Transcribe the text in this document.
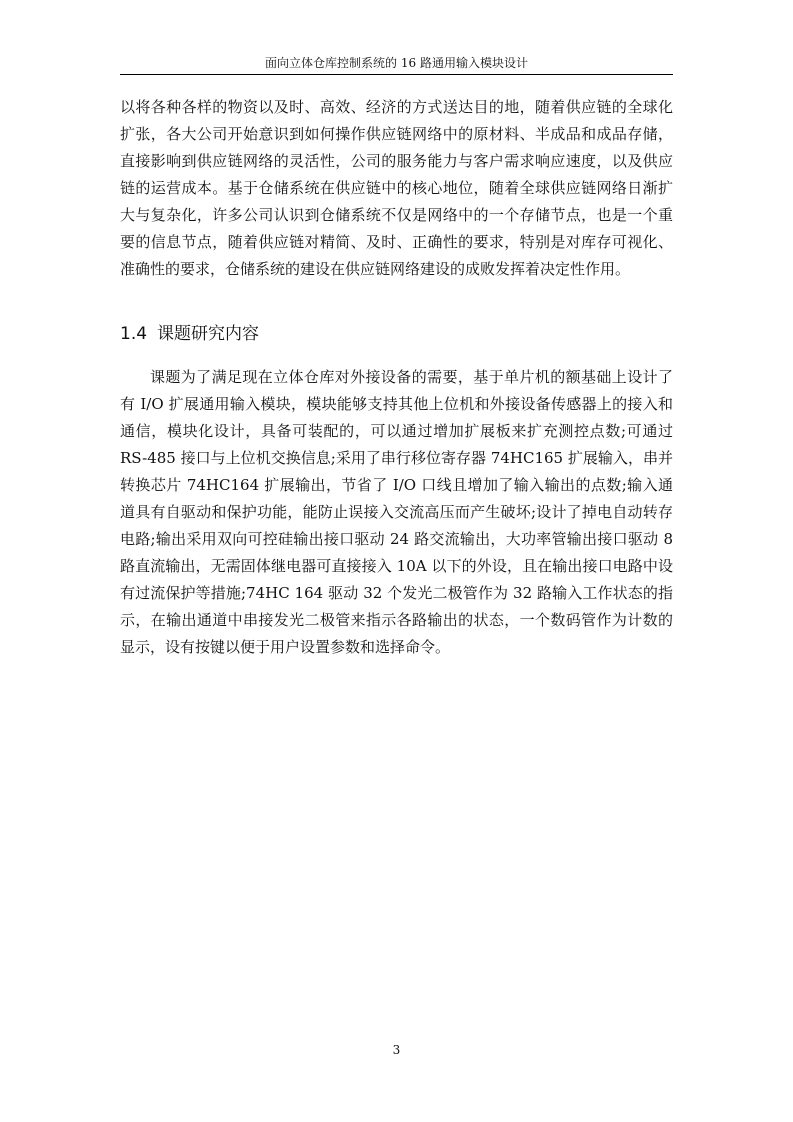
面向立体仓库控制系统的 16 路通用输入模块设计

以将各种各样的物资以及时、高效、经济的方式送达目的地，随着供应链的全球化扩张，各大公司开始意识到如何操作供应链网络中的原材料、半成品和成品存储，直接影响到供应链网络的灵活性，公司的服务能力与客户需求响应速度，以及供应链的运营成本。基于仓储系统在供应链中的核心地位，随着全球供应链网络日渐扩大与复杂化，许多公司认识到仓储系统不仅是网络中的一个存储节点，也是一个重要的信息节点，随着供应链对精简、及时、正确性的要求，特别是对库存可视化、准确性的要求，仓储系统的建设在供应链网络建设的成败发挥着决定性作用。

1.4 课题研究内容

课题为了满足现在立体仓库对外接设备的需要，基于单片机的额基础上设计了有 I/O 扩展通用输入模块，模块能够支持其他上位机和外接设备传感器上的接入和通信，模块化设计，具备可装配的，可以通过增加扩展板来扩充测控点数;可通过 RS-485 接口与上位机交换信息;采用了串行移位寄存器 74HC165 扩展输入，串并转换芯片 74HC164 扩展输出，节省了 I/O 口线且增加了输入输出的点数;输入通道具有自驱动和保护功能，能防止误接入交流高压而产生破坏;设计了掉电自动转存电路;输出采用双向可控硅输出接口驱动 24 路交流输出，大功率管输出接口驱动 8 路直流输出，无需固体继电器可直接接入 10A 以下的外设，且在输出接口电路中设有过流保护等措施;74HC 164 驱动 32 个发光二极管作为 32 路输入工作状态的指示，在输出通道中串接发光二极管来指示各路输出的状态，一个数码管作为计数的显示，设有按键以便于用户设置参数和选择命令。

3
